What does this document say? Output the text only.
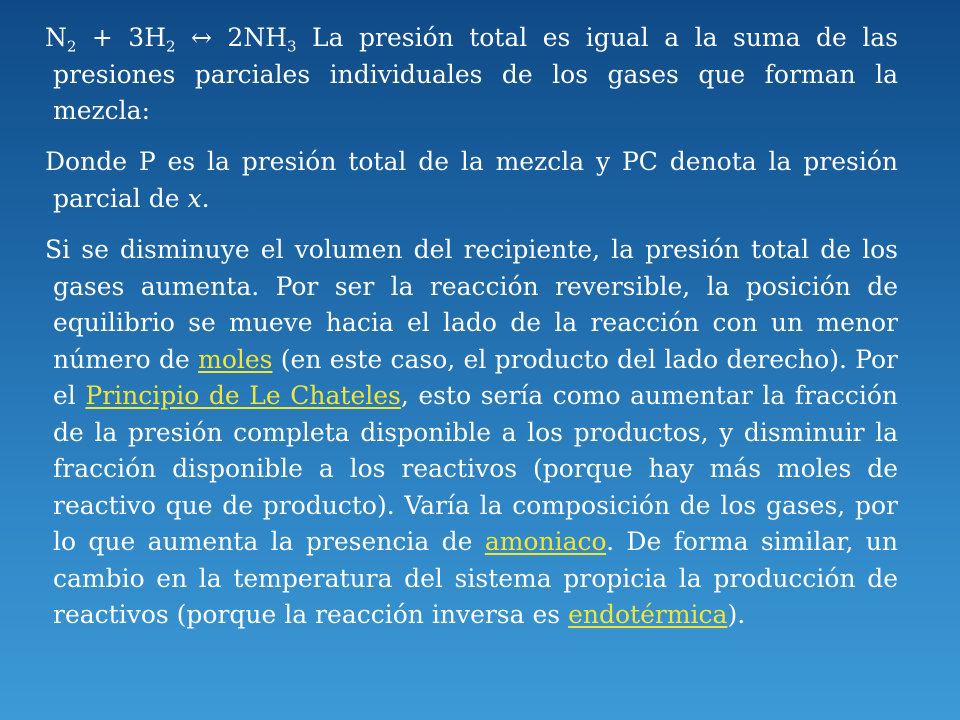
$N_2 + 3H_2$ ↔ $2NH_3$ La presión total es igual a la suma de las presiones parciales individuales de los gases que forman la mezcla:

Donde P es la presión total de la mezcla y PC denota la presión parcial de x.

Si se disminuye el volumen del recipiente, la presión total de los gases aumenta. Por ser la reacción reversible, la posición de equilibrio se mueve hacia el lado de la reacción con un menor número de moles (en este caso, el producto del lado derecho). Por el Principio de Le Chateles, esto sería como aumentar la fracción de la presión completa disponible a los productos, y disminuir la fracción disponible a los reactivos (porque hay más moles de reactivo que de producto). Varía la composición de los gases, por lo que aumenta la presencia de amoniaco. De forma similar, un cambio en la temperatura del sistema propicia la producción de reactivos (porque la reacción inversa es endotérmica).
